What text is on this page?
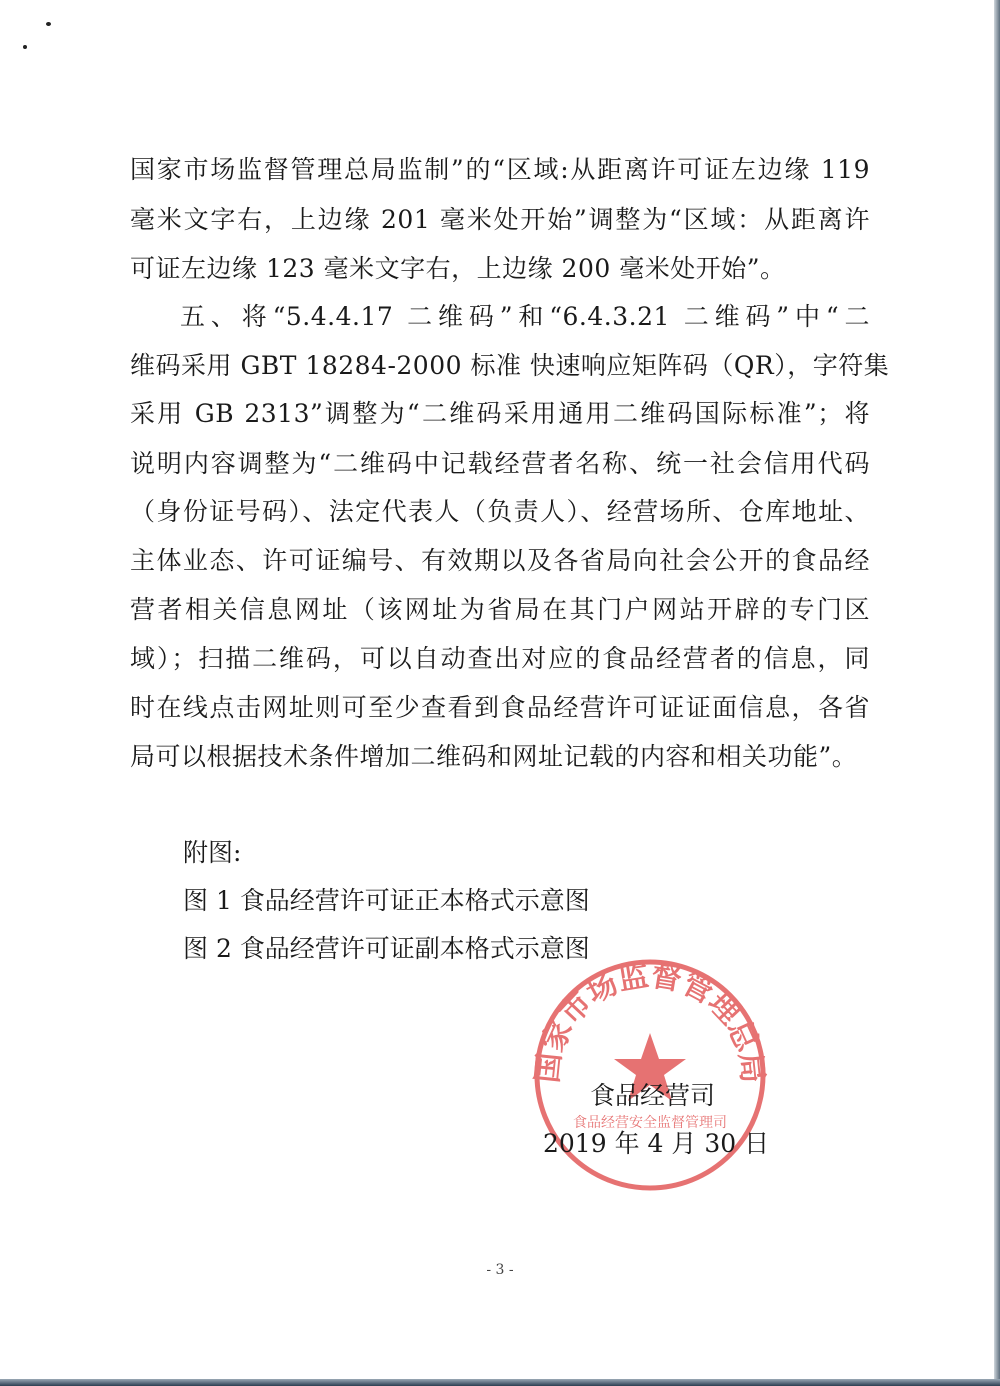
国家市场监督管理总局监制”的“区域:从距离许可证左边缘 119
毫米文字右，上边缘 201 毫米处开始”调整为“区域：从距离许
可证左边缘 123 毫米文字右，上边缘 200 毫米处开始”。
五、将“5.4.4.17 二维码”和“6.4.3.21 二维码”中“二
维码采用 GBT 18284-2000 标准 快速响应矩阵码（QR），字符集
采用 GB 2313”调整为“二维码采用通用二维码国际标准”；将
说明内容调整为“二维码中记载经营者名称、统一社会信用代码
（身份证号码）、法定代表人（负责人）、经营场所、仓库地址、
主体业态、许可证编号、有效期以及各省局向社会公开的食品经
营者相关信息网址（该网址为省局在其门户网站开辟的专门区
域）；扫描二维码，可以自动查出对应的食品经营者的信息，同
时在线点击网址则可至少查看到食品经营许可证证面信息，各省
局可以根据技术条件增加二维码和网址记载的内容和相关功能”。
附图:
图 1 食品经营许可证正本格式示意图
图 2 食品经营许可证副本格式示意图
国家市场监督管理总局
食品经营安全监督管理司
食品经营司
2019 年 4 月 30 日
- 3 -
